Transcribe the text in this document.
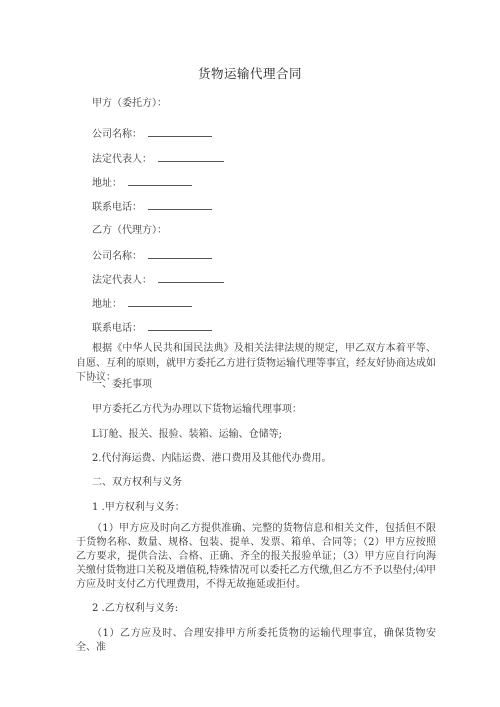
货物运输代理合同
甲方（委托方）：
公司名称：
法定代表人：
地址：
联系电话：
乙方（代理方）：
公司名称：
法定代表人：
地址：
联系电话：
根据《中华人民共和国民法典》及相关法律法规的规定，甲乙双方本着平等、自愿、互利的原则，就甲方委托乙方进行货物运输代理等事宜，经友好协商达成如下协议：
一、委托事项
甲方委托乙方代为办理以下货物运输代理事项：
L订舱、报关、报验、装箱、运输、仓储等;
2.代付海运费、内陆运费、港口费用及其他代办费用。
二、双方权利与义务
1 .甲方权利与义务：
（1）甲方应及时向乙方提供准确、完整的货物信息和相关文件，包括但不限于货物名称、数量、规格、包装、提单、发票、箱单、合同等；（2）甲方应按照乙方要求，提供合法、合格、正确、齐全的报关报验单证；（3）甲方应自行向海关缴付货物进口关税及增值税,特殊情况可以委托乙方代缴,但乙方不予以垫付;⑷甲方应及时支付乙方代理费用，不得无故拖延或拒付。
2 .乙方权利与义务:
（1）乙方应及时、合理安排甲方所委托货物的运输代理事宜，确保货物安全、准
